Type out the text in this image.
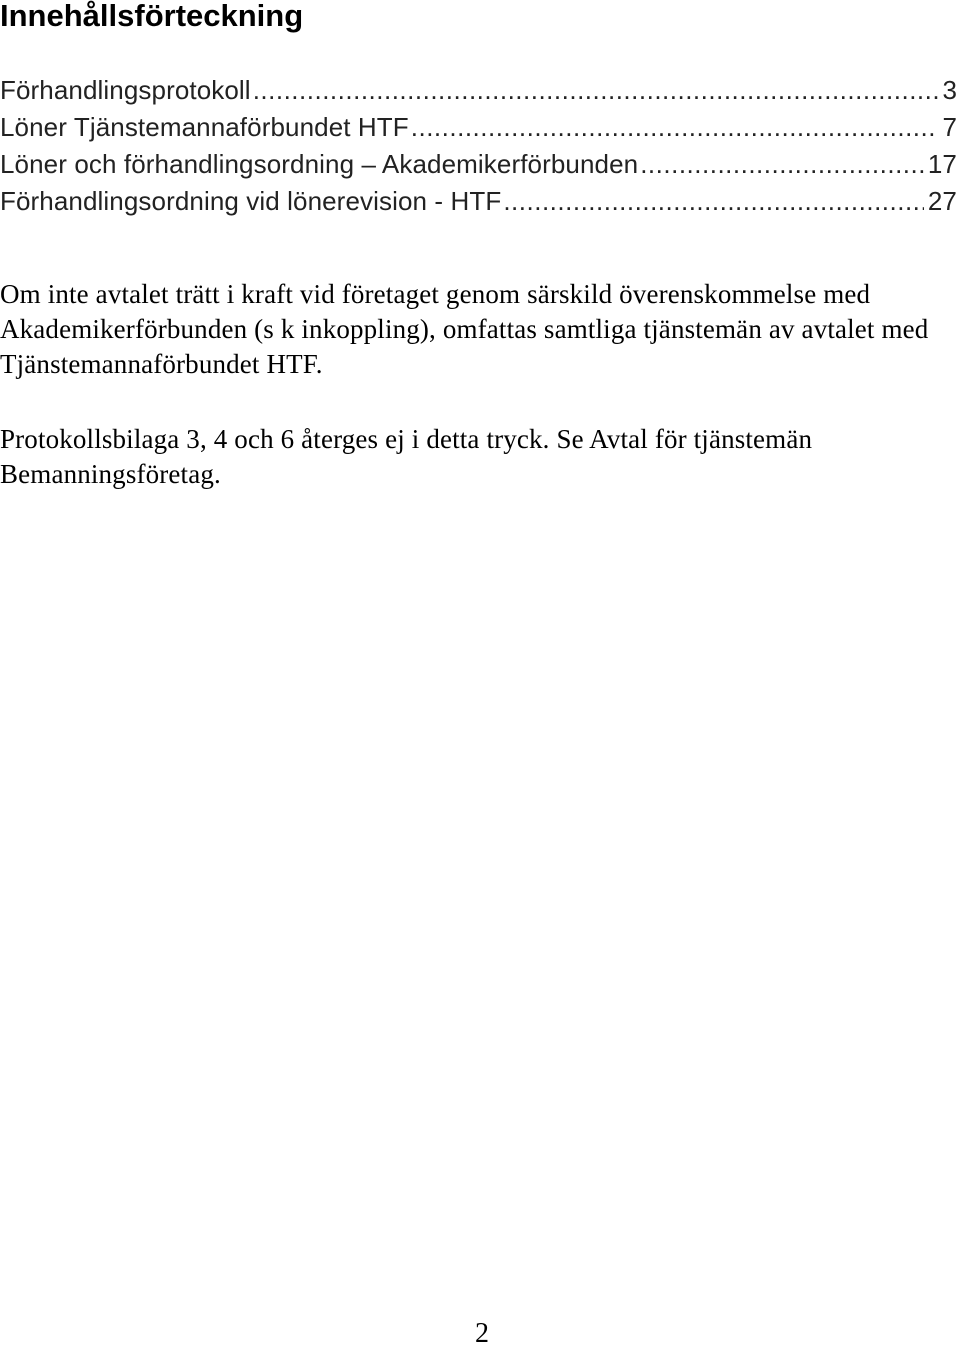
Innehållsförteckning
Förhandlingsprotokoll .....	3
Löner Tjänstemannaförbundet HTF .....	7
Löner och förhandlingsordning – Akademikerförbunden .....	17
Förhandlingsordning vid lönerevision - HTF .....	27

Om inte avtalet trätt i kraft vid företaget genom särskild överenskommelse med Akademikerförbunden (s k inkoppling), omfattas samtliga tjänstemän av avtalet med Tjänstemannaförbundet HTF.

Protokollsbilaga 3, 4 och 6 återges ej i detta tryck. Se Avtal för tjänstemän Bemanningsföretag.

2
